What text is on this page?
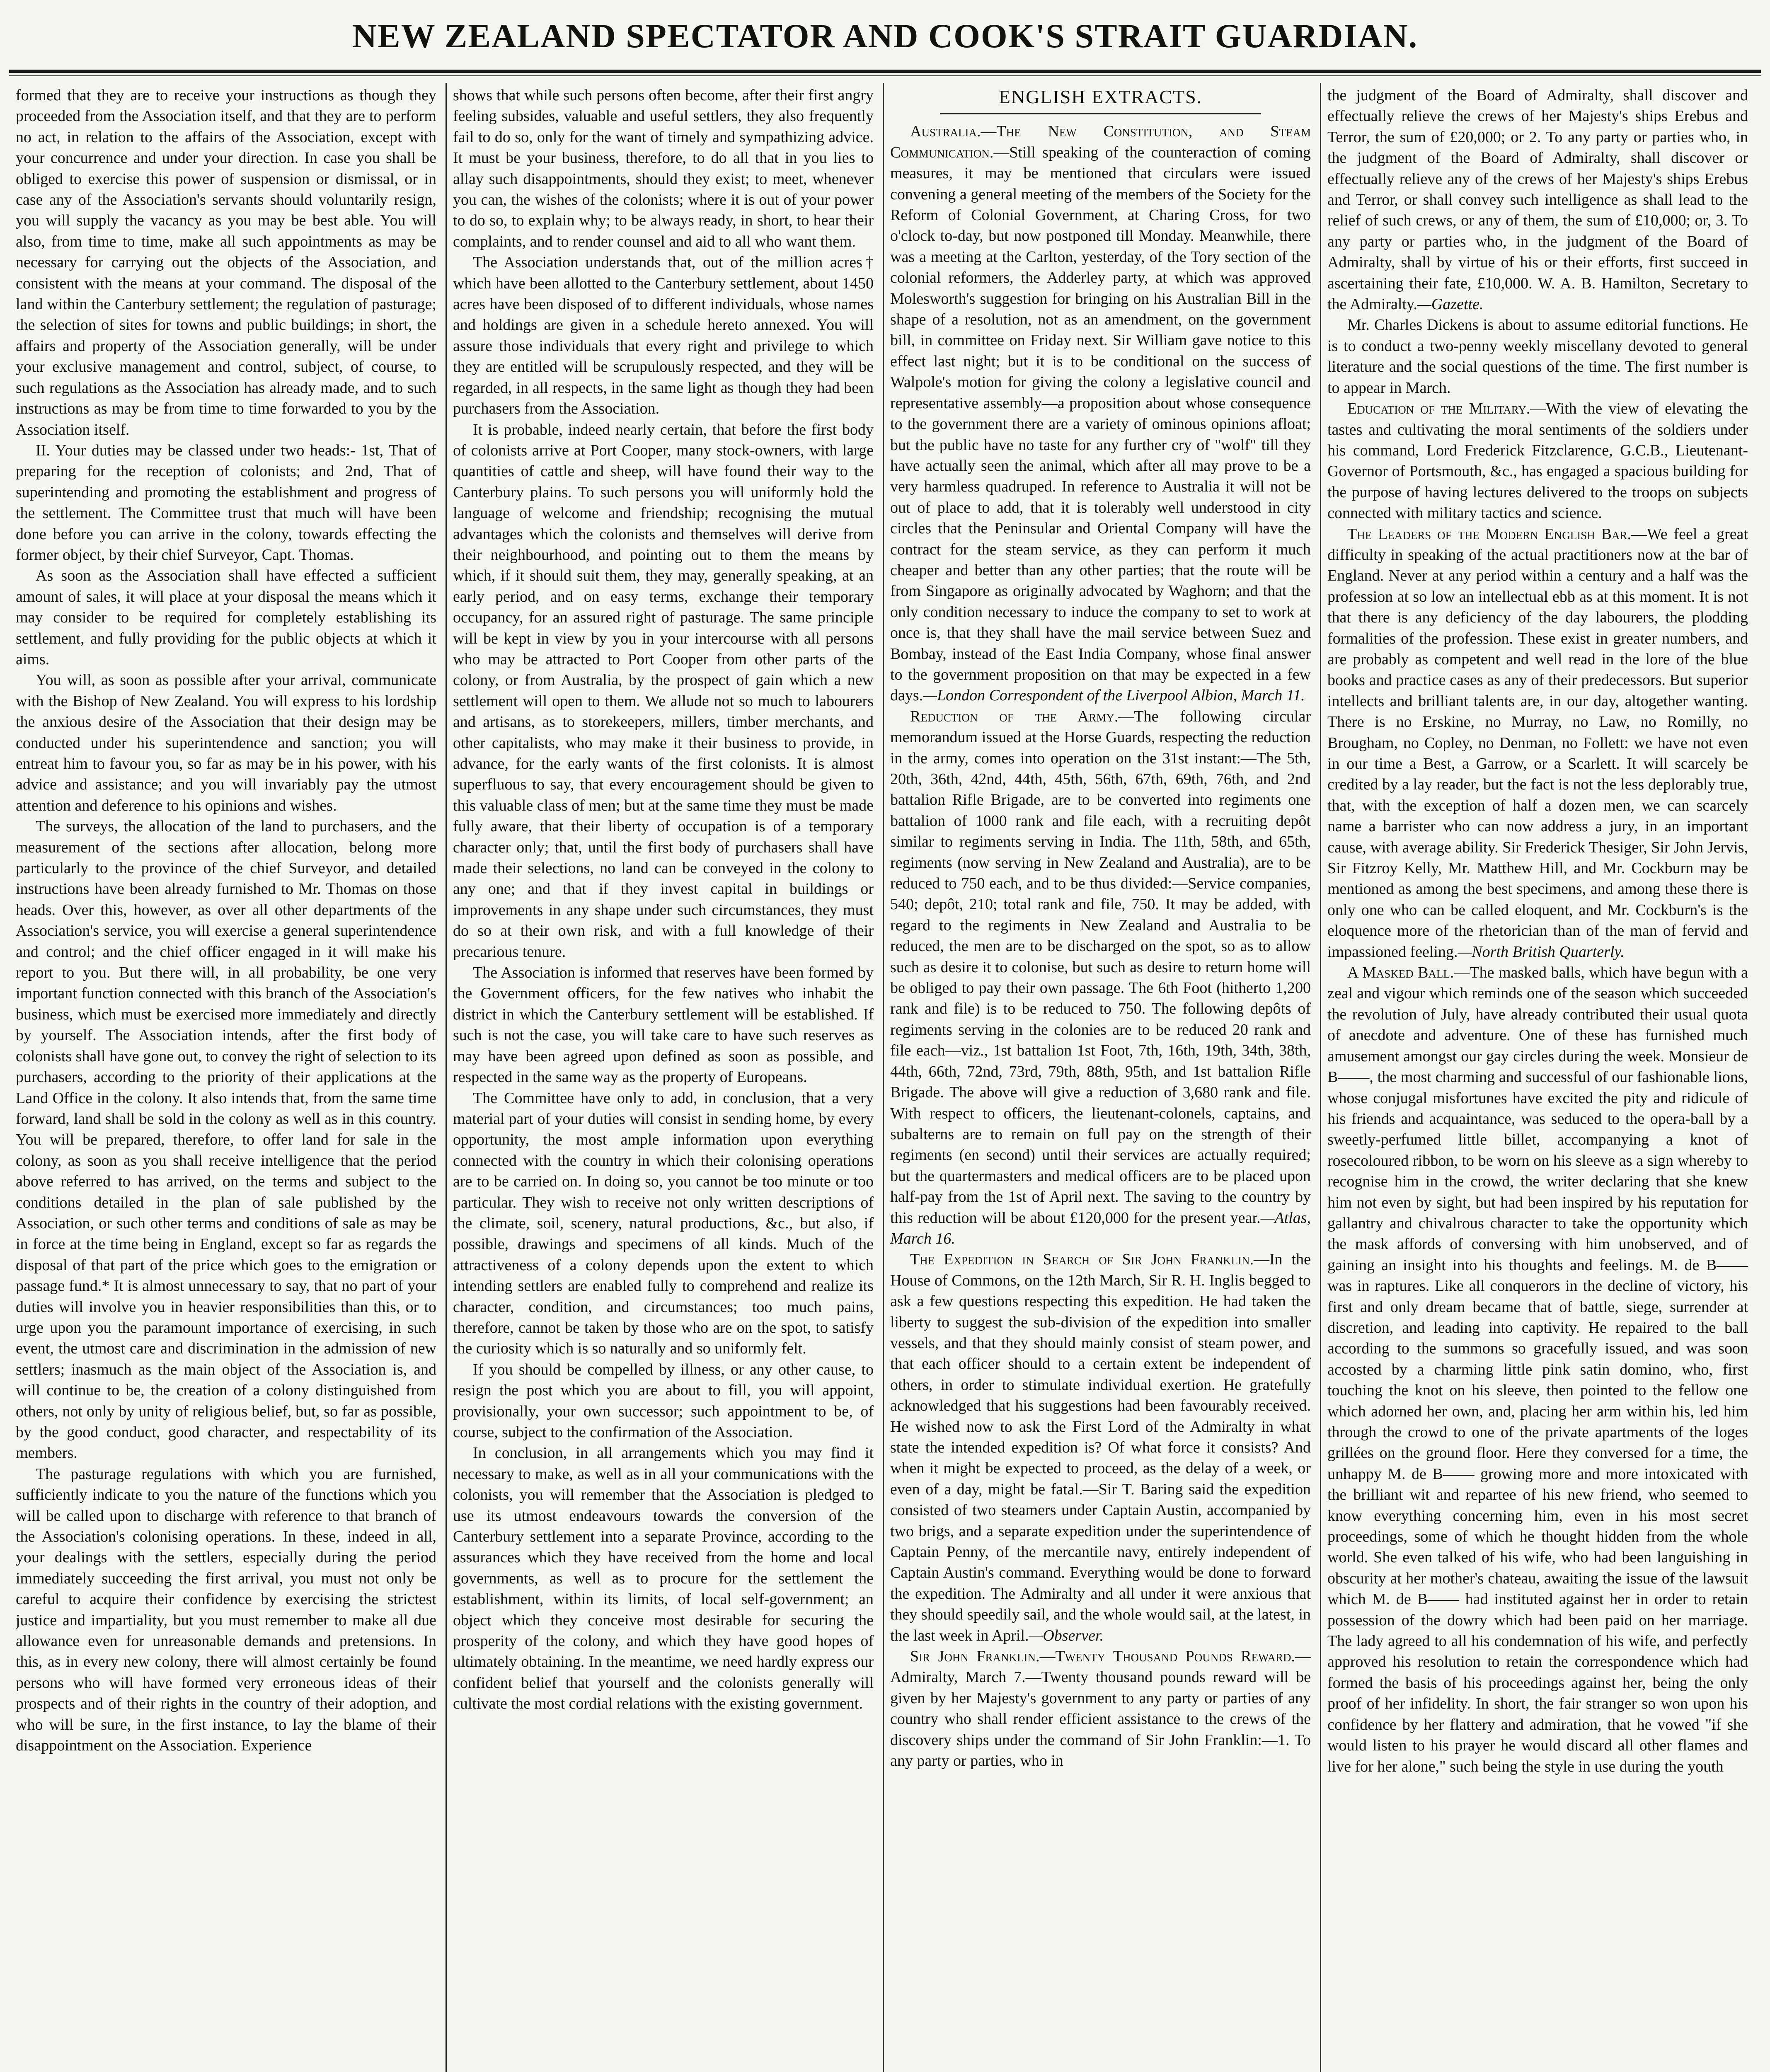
NEW ZEALAND SPECTATOR AND COOK'S STRAIT GUARDIAN.

formed that they are to receive your instructions as though they proceeded from the Association itself, and that they are to perform no act, in relation to the affairs of the Association, except with your concurrence and under your direction. In case you shall be obliged to exercise this power of suspension or dismissal, or in case any of the Association's servants should voluntarily resign, you will supply the vacancy as you may be best able. You will also, from time to time, make all such appointments as may be necessary for carrying out the objects of the Association, and consistent with the means at your command. The disposal of the land within the Canterbury settlement; the regulation of pasturage; the selection of sites for towns and public buildings; in short, the affairs and property of the Association generally, will be under your exclusive management and control, subject, of course, to such regulations as the Association has already made, and to such instructions as may be from time to time forwarded to you by the Association itself.

II. Your duties may be classed under two heads:- 1st, That of preparing for the reception of colonists; and 2nd, That of superintending and promoting the establishment and progress of the settlement. The Committee trust that much will have been done before you can arrive in the colony, towards effecting the former object, by their chief Surveyor, Capt. Thomas.

As soon as the Association shall have effected a sufficient amount of sales, it will place at your disposal the means which it may consider to be required for completely establishing its settlement, and fully providing for the public objects at which it aims.

You will, as soon as possible after your arrival, communicate with the Bishop of New Zealand. You will express to his lordship the anxious desire of the Association that their design may be conducted under his superintendence and sanction; you will entreat him to favour you, so far as may be in his power, with his advice and assistance; and you will invariably pay the utmost attention and deference to his opinions and wishes.

The surveys, the allocation of the land to purchasers, and the measurement of the sections after allocation, belong more particularly to the province of the chief Surveyor, and detailed instructions have been already furnished to Mr. Thomas on those heads. Over this, however, as over all other departments of the Association's service, you will exercise a general superintendence and control; and the chief officer engaged in it will make his report to you. But there will, in all probability, be one very important function connected with this branch of the Association's business, which must be exercised more immediately and directly by yourself. The Association intends, after the first body of colonists shall have gone out, to convey the right of selection to its purchasers, according to the priority of their applications at the Land Office in the colony. It also intends that, from the same time forward, land shall be sold in the colony as well as in this country. You will be prepared, therefore, to offer land for sale in the colony, as soon as you shall receive intelligence that the period above referred to has arrived, on the terms and subject to the conditions detailed in the plan of sale published by the Association, or such other terms and conditions of sale as may be in force at the time being in England, except so far as regards the disposal of that part of the price which goes to the emigration or passage fund.* It is almost unnecessary to say, that no part of your duties will involve you in heavier responsibilities than this, or to urge upon you the paramount importance of exercising, in such event, the utmost care and discrimination in the admission of new settlers; inasmuch as the main object of the Association is, and will continue to be, the creation of a colony distinguished from others, not only by unity of religious belief, but, so far as possible, by the good conduct, good character, and respectability of its members.

The pasturage regulations with which you are furnished, sufficiently indicate to you the nature of the functions which you will be called upon to discharge with reference to that branch of the Association's colonising operations. In these, indeed in all, your dealings with the settlers, especially during the period immediately succeeding the first arrival, you must not only be careful to acquire their confidence by exercising the strictest justice and impartiality, but you must remember to make all due allowance even for unreasonable demands and pretensions. In this, as in every new colony, there will almost certainly be found persons who will have formed very erroneous ideas of their prospects and of their rights in the country of their adoption, and who will be sure, in the first instance, to lay the blame of their disappointment on the Association. Experience

shows that while such persons often become, after their first angry feeling subsides, valuable and useful settlers, they also frequently fail to do so, only for the want of timely and sympathizing advice. It must be your business, therefore, to do all that in you lies to allay such disappointments, should they exist; to meet, whenever you can, the wishes of the colonists; where it is out of your power to do so, to explain why; to be always ready, in short, to hear their complaints, and to render counsel and aid to all who want them.

The Association understands that, out of the million acres† which have been allotted to the Canterbury settlement, about 1450 acres have been disposed of to different individuals, whose names and holdings are given in a schedule hereto annexed. You will assure those individuals that every right and privilege to which they are entitled will be scrupulously respected, and they will be regarded, in all respects, in the same light as though they had been purchasers from the Association.

It is probable, indeed nearly certain, that before the first body of colonists arrive at Port Cooper, many stock-owners, with large quantities of cattle and sheep, will have found their way to the Canterbury plains. To such persons you will uniformly hold the language of welcome and friendship; recognising the mutual advantages which the colonists and themselves will derive from their neighbourhood, and pointing out to them the means by which, if it should suit them, they may, generally speaking, at an early period, and on easy terms, exchange their temporary occupancy, for an assured right of pasturage. The same principle will be kept in view by you in your intercourse with all persons who may be attracted to Port Cooper from other parts of the colony, or from Australia, by the prospect of gain which a new settlement will open to them. We allude not so much to labourers and artisans, as to storekeepers, millers, timber merchants, and other capitalists, who may make it their business to provide, in advance, for the early wants of the first colonists. It is almost superfluous to say, that every encouragement should be given to this valuable class of men; but at the same time they must be made fully aware, that their liberty of occupation is of a temporary character only; that, until the first body of purchasers shall have made their selections, no land can be conveyed in the colony to any one; and that if they invest capital in buildings or improvements in any shape under such circumstances, they must do so at their own risk, and with a full knowledge of their precarious tenure.

The Association is informed that reserves have been formed by the Government officers, for the few natives who inhabit the district in which the Canterbury settlement will be established. If such is not the case, you will take care to have such reserves as may have been agreed upon defined as soon as possible, and respected in the same way as the property of Europeans.

The Committee have only to add, in conclusion, that a very material part of your duties will consist in sending home, by every opportunity, the most ample information upon everything connected with the country in which their colonising operations are to be carried on. In doing so, you cannot be too minute or too particular. They wish to receive not only written descriptions of the climate, soil, scenery, natural productions, &c., but also, if possible, drawings and specimens of all kinds. Much of the attractiveness of a colony depends upon the extent to which intending settlers are enabled fully to comprehend and realize its character, condition, and circumstances; too much pains, therefore, cannot be taken by those who are on the spot, to satisfy the curiosity which is so naturally and so uniformly felt.

If you should be compelled by illness, or any other cause, to resign the post which you are about to fill, you will appoint, provisionally, your own successor; such appointment to be, of course, subject to the confirmation of the Association.

In conclusion, in all arrangements which you may find it necessary to make, as well as in all your communications with the colonists, you will remember that the Association is pledged to use its utmost endeavours towards the conversion of the Canterbury settlement into a separate Province, according to the assurances which they have received from the home and local governments, as well as to procure for the settlement the establishment, within its limits, of local self-government; an object which they conceive most desirable for securing the prosperity of the colony, and which they have good hopes of ultimately obtaining. In the meantime, we need hardly express our confident belief that yourself and the colonists generally will cultivate the most cordial relations with the existing government.

ENGLISH EXTRACTS.

Australia.—The New Constitution, and Steam Communication.—Still speaking of the counteraction of coming measures, it may be mentioned that circulars were issued convening a general meeting of the members of the Society for the Reform of Colonial Government, at Charing Cross, for two o'clock to-day, but now postponed till Monday. Meanwhile, there was a meeting at the Carlton, yesterday, of the Tory section of the colonial reformers, the Adderley party, at which was approved Molesworth's suggestion for bringing on his Australian Bill in the shape of a resolution, not as an amendment, on the government bill, in committee on Friday next. Sir William gave notice to this effect last night; but it is to be conditional on the success of Walpole's motion for giving the colony a legislative council and representative assembly—a proposition about whose consequence to the government there are a variety of ominous opinions afloat; but the public have no taste for any further cry of "wolf" till they have actually seen the animal, which after all may prove to be a very harmless quadruped. In reference to Australia it will not be out of place to add, that it is tolerably well understood in city circles that the Peninsular and Oriental Company will have the contract for the steam service, as they can perform it much cheaper and better than any other parties; that the route will be from Singapore as originally advocated by Waghorn; and that the only condition necessary to induce the company to set to work at once is, that they shall have the mail service between Suez and Bombay, instead of the East India Company, whose final answer to the government proposition on that may be expected in a few days.—London Correspondent of the Liverpool Albion, March 11.

Reduction of the Army.—The following circular memorandum issued at the Horse Guards, respecting the reduction in the army, comes into operation on the 31st instant:—The 5th, 20th, 36th, 42nd, 44th, 45th, 56th, 67th, 69th, 76th, and 2nd battalion Rifle Brigade, are to be converted into regiments one battalion of 1000 rank and file each, with a recruiting depôt similar to regiments serving in India. The 11th, 58th, and 65th, regiments (now serving in New Zealand and Australia), are to be reduced to 750 each, and to be thus divided:—Service companies, 540; depôt, 210; total rank and file, 750. It may be added, with regard to the regiments in New Zealand and Australia to be reduced, the men are to be discharged on the spot, so as to allow such as desire it to colonise, but such as desire to return home will be obliged to pay their own passage. The 6th Foot (hitherto 1,200 rank and file) is to be reduced to 750. The following depôts of regiments serving in the colonies are to be reduced 20 rank and file each—viz., 1st battalion 1st Foot, 7th, 16th, 19th, 34th, 38th, 44th, 66th, 72nd, 73rd, 79th, 88th, 95th, and 1st battalion Rifle Brigade. The above will give a reduction of 3,680 rank and file. With respect to officers, the lieutenant-colonels, captains, and subalterns are to remain on full pay on the strength of their regiments (en second) until their services are actually required; but the quartermasters and medical officers are to be placed upon half-pay from the 1st of April next. The saving to the country by this reduction will be about £120,000 for the present year.—Atlas, March 16.

The Expedition in Search of Sir John Franklin.—In the House of Commons, on the 12th March, Sir R. H. Inglis begged to ask a few questions respecting this expedition. He had taken the liberty to suggest the sub-division of the expedition into smaller vessels, and that they should mainly consist of steam power, and that each officer should to a certain extent be independent of others, in order to stimulate individual exertion. He gratefully acknowledged that his suggestions had been favourably received. He wished now to ask the First Lord of the Admiralty in what state the intended expedition is? Of what force it consists? And when it might be expected to proceed, as the delay of a week, or even of a day, might be fatal.—Sir T. Baring said the expedition consisted of two steamers under Captain Austin, accompanied by two brigs, and a separate expedition under the superintendence of Captain Penny, of the mercantile navy, entirely independent of Captain Austin's command. Everything would be done to forward the expedition. The Admiralty and all under it were anxious that they should speedily sail, and the whole would sail, at the latest, in the last week in April.—Observer.

Sir John Franklin.—Twenty Thousand Pounds Reward.— Admiralty, March 7.—Twenty thousand pounds reward will be given by her Majesty's government to any party or parties of any country who shall render efficient assistance to the crews of the discovery ships under the command of Sir John Franklin:—1. To any party or parties, who in

the judgment of the Board of Admiralty, shall discover and effectually relieve the crews of her Majesty's ships Erebus and Terror, the sum of £20,000; or 2. To any party or parties who, in the judgment of the Board of Admiralty, shall discover or effectually relieve any of the crews of her Majesty's ships Erebus and Terror, or shall convey such intelligence as shall lead to the relief of such crews, or any of them, the sum of £10,000; or, 3. To any party or parties who, in the judgment of the Board of Admiralty, shall by virtue of his or their efforts, first succeed in ascertaining their fate, £10,000. W. A. B. Hamilton, Secretary to the Admiralty.—Gazette.

Mr. Charles Dickens is about to assume editorial functions. He is to conduct a two-penny weekly miscellany devoted to general literature and the social questions of the time. The first number is to appear in March.

Education of the Military.—With the view of elevating the tastes and cultivating the moral sentiments of the soldiers under his command, Lord Frederick Fitzclarence, G.C.B., Lieutenant-Governor of Portsmouth, &c., has engaged a spacious building for the purpose of having lectures delivered to the troops on subjects connected with military tactics and science.

The Leaders of the Modern English Bar.—We feel a great difficulty in speaking of the actual practitioners now at the bar of England. Never at any period within a century and a half was the profession at so low an intellectual ebb as at this moment. It is not that there is any deficiency of the day labourers, the plodding formalities of the profession. These exist in greater numbers, and are probably as competent and well read in the lore of the blue books and practice cases as any of their predecessors. But superior intellects and brilliant talents are, in our day, altogether wanting. There is no Erskine, no Murray, no Law, no Romilly, no Brougham, no Copley, no Denman, no Follett: we have not even in our time a Best, a Garrow, or a Scarlett. It will scarcely be credited by a lay reader, but the fact is not the less deplorably true, that, with the exception of half a dozen men, we can scarcely name a barrister who can now address a jury, in an important cause, with average ability. Sir Frederick Thesiger, Sir John Jervis, Sir Fitzroy Kelly, Mr. Matthew Hill, and Mr. Cockburn may be mentioned as among the best specimens, and among these there is only one who can be called eloquent, and Mr. Cockburn's is the eloquence more of the rhetorician than of the man of fervid and impassioned feeling.—North British Quarterly.

A Masked Ball.—The masked balls, which have begun with a zeal and vigour which reminds one of the season which succeeded the revolution of July, have already contributed their usual quota of anecdote and adventure. One of these has furnished much amusement amongst our gay circles during the week. Monsieur de B——, the most charming and successful of our fashionable lions, whose conjugal misfortunes have excited the pity and ridicule of his friends and acquaintance, was seduced to the opera-ball by a sweetly-perfumed little billet, accompanying a knot of rosecoloured ribbon, to be worn on his sleeve as a sign whereby to recognise him in the crowd, the writer declaring that she knew him not even by sight, but had been inspired by his reputation for gallantry and chivalrous character to take the opportunity which the mask affords of conversing with him unobserved, and of gaining an insight into his thoughts and feelings. M. de B—— was in raptures. Like all conquerors in the decline of victory, his first and only dream became that of battle, siege, surrender at discretion, and leading into captivity. He repaired to the ball according to the summons so gracefully issued, and was soon accosted by a charming little pink satin domino, who, first touching the knot on his sleeve, then pointed to the fellow one which adorned her own, and, placing her arm within his, led him through the crowd to one of the private apartments of the loges grillées on the ground floor. Here they conversed for a time, the unhappy M. de B—— growing more and more intoxicated with the brilliant wit and repartee of his new friend, who seemed to know everything concerning him, even in his most secret proceedings, some of which he thought hidden from the whole world. She even talked of his wife, who had been languishing in obscurity at her mother's chateau, awaiting the issue of the lawsuit which M. de B—— had instituted against her in order to retain possession of the dowry which had been paid on her marriage. The lady agreed to all his condemnation of his wife, and perfectly approved his resolution to retain the correspondence which had formed the basis of his proceedings against her, being the only proof of her infidelity. In short, the fair stranger so won upon his confidence by her flattery and admiration, that he vowed "if she would listen to his prayer he would discard all other flames and live for her alone," such being the style in use during the youth
